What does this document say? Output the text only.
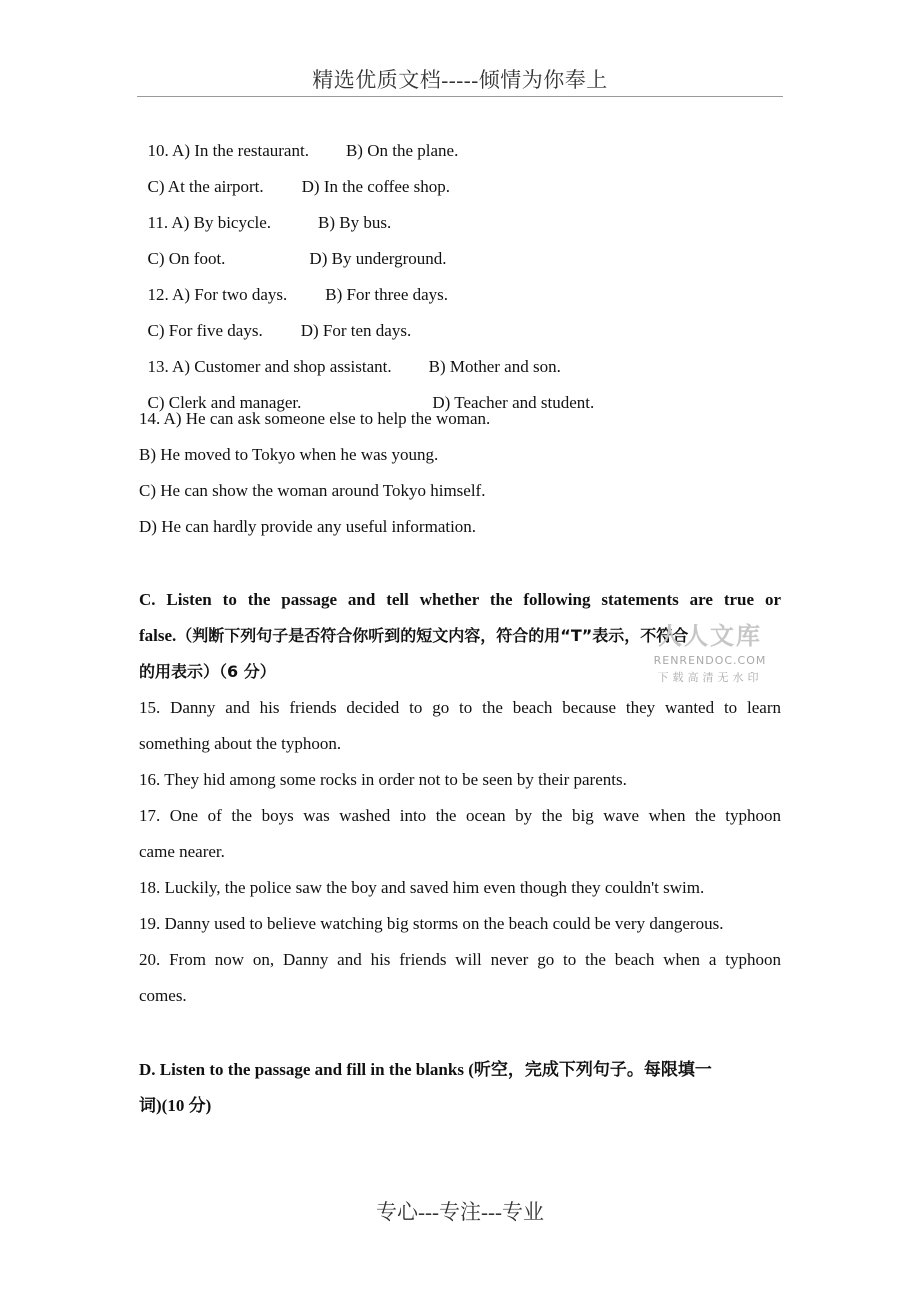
精选优质文档-----倾情为你奉上

10. A) In the restaurant. B) On the plane.

C) At the airport. D) In the coffee shop.

11. A) By bicycle.	B) By bus.

C) On foot.	D) By underground.

12. A) For two days. B) For three days.

C) For five days. D) For ten days.

13. A) Customer and shop assistant. B) Mother and son.

C) Clerk and manager.	D) Teacher and student.

14. A) He can ask someone else to help the woman.
B) He moved to Tokyo when he was young.
C) He can show the woman around Tokyo himself.
D) He can hardly provide any useful information.
C. Listen to the passage and tell whether the following statements are true or
false.（判断下列句子是否符合你听到的短文内容，符合的用“T”表示，不符合
的用表示）（6 分）
人人文库
RENRENDOC.COM
下载高清无水印
15. Danny and his friends decided to go to the beach because they wanted to learn
something about the typhoon.
16. They hid among some rocks in order not to be seen by their parents.
17. One of the boys was washed into the ocean by the big wave when the typhoon
came nearer.
18. Luckily, the police saw the boy and saved him even though they couldn't swim.
19. Danny used to believe watching big storms on the beach could be very dangerous.
20. From now on, Danny and his friends will never go to the beach when a typhoon
comes.
D. Listen to the passage and fill in the blanks (听空，完成下列句子。每限填一
词)(10 分)
专心---专注---专业
